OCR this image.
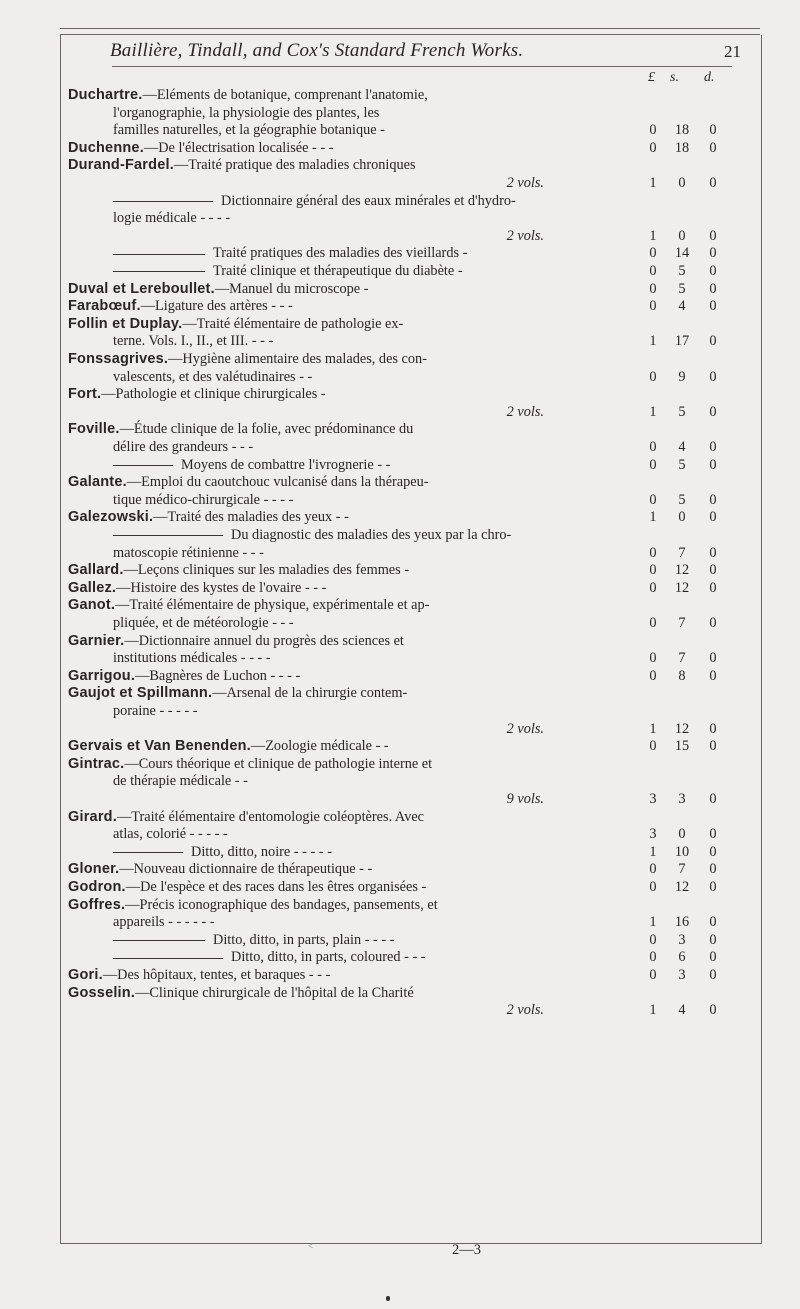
Baillière, Tindall, and Cox's Standard French Works.	21
£ s. d.
Duchartre.—Eléments de botanique, comprenant l'anatomie,
l'organographie, la physiologie des plantes, les
familles naturelles, et la géographie botanique -	0	18	0
Duchenne.—De l'électrisation localisée - - -	0	18	0
Durand-Fardel.—Traité pratique des maladies chroniques
2 vols.	1	0	0
Dictionnaire général des eaux minérales et d'hydro-
logie médicale - - - -
2 vols.	1	0	0
Traité pratiques des maladies des vieillards -	0	14	0
Traité clinique et thérapeutique du diabète -	0	5	0
Duval et Lereboullet.—Manuel du microscope -	0	5	0
Farabœuf.—Ligature des artères - - -	0	4	0
Follin et Duplay.—Traité élémentaire de pathologie ex-
terne. Vols. I., II., et III. - - -	1	17	0
Fonssagrives.—Hygiène alimentaire des malades, des con-
valescents, et des valétudinaires - -	0	9	0
Fort.—Pathologie et clinique chirurgicales -
2 vols.	1	5	0
Foville.—Étude clinique de la folie, avec prédominance du
délire des grandeurs - - -	0	4	0
Moyens de combattre l'ivrognerie - -	0	5	0
Galante.—Emploi du caoutchouc vulcanisé dans la thérapeu-
tique médico-chirurgicale - - - -	0	5	0
Galezowski.—Traité des maladies des yeux - -	1	0	0
Du diagnostic des maladies des yeux par la chro-
matoscopie rétinienne - - -	0	7	0
Gallard.—Leçons cliniques sur les maladies des femmes -	0	12	0
Gallez.—Histoire des kystes de l'ovaire - - -	0	12	0
Ganot.—Traité élémentaire de physique, expérimentale et ap-
pliquée, et de météorologie - - -	0	7	0
Garnier.—Dictionnaire annuel du progrès des sciences et
institutions médicales - - - -	0	7	0
Garrigou.—Bagnères de Luchon - - - -	0	8	0
Gaujot et Spillmann.—Arsenal de la chirurgie contem-
poraine - - - - -
2 vols.	1	12	0
Gervais et Van Benenden.—Zoologie médicale - -	0	15	0
Gintrac.—Cours théorique et clinique de pathologie interne et
de thérapie médicale - -
9 vols.	3	3	0
Girard.—Traité élémentaire d'entomologie coléoptères. Avec
atlas, colorié - - - - -	3	0	0
Ditto, ditto, noire - - - - -	1	10	0
Gloner.—Nouveau dictionnaire de thérapeutique - -	0	7	0
Godron.—De l'espèce et des races dans les êtres organisées -	0	12	0
Goffres.—Précis iconographique des bandages, pansements, et
appareils - - - - - -	1	16	0
Ditto, ditto, in parts, plain - - - -	0	3	0
Ditto, ditto, in parts, coloured - - -	0	6	0
Gori.—Des hôpitaux, tentes, et baraques - - -	0	3	0
Gosselin.—Clinique chirurgicale de l'hôpital de la Charité
2 vols.	1	4	0
˂	2—3
